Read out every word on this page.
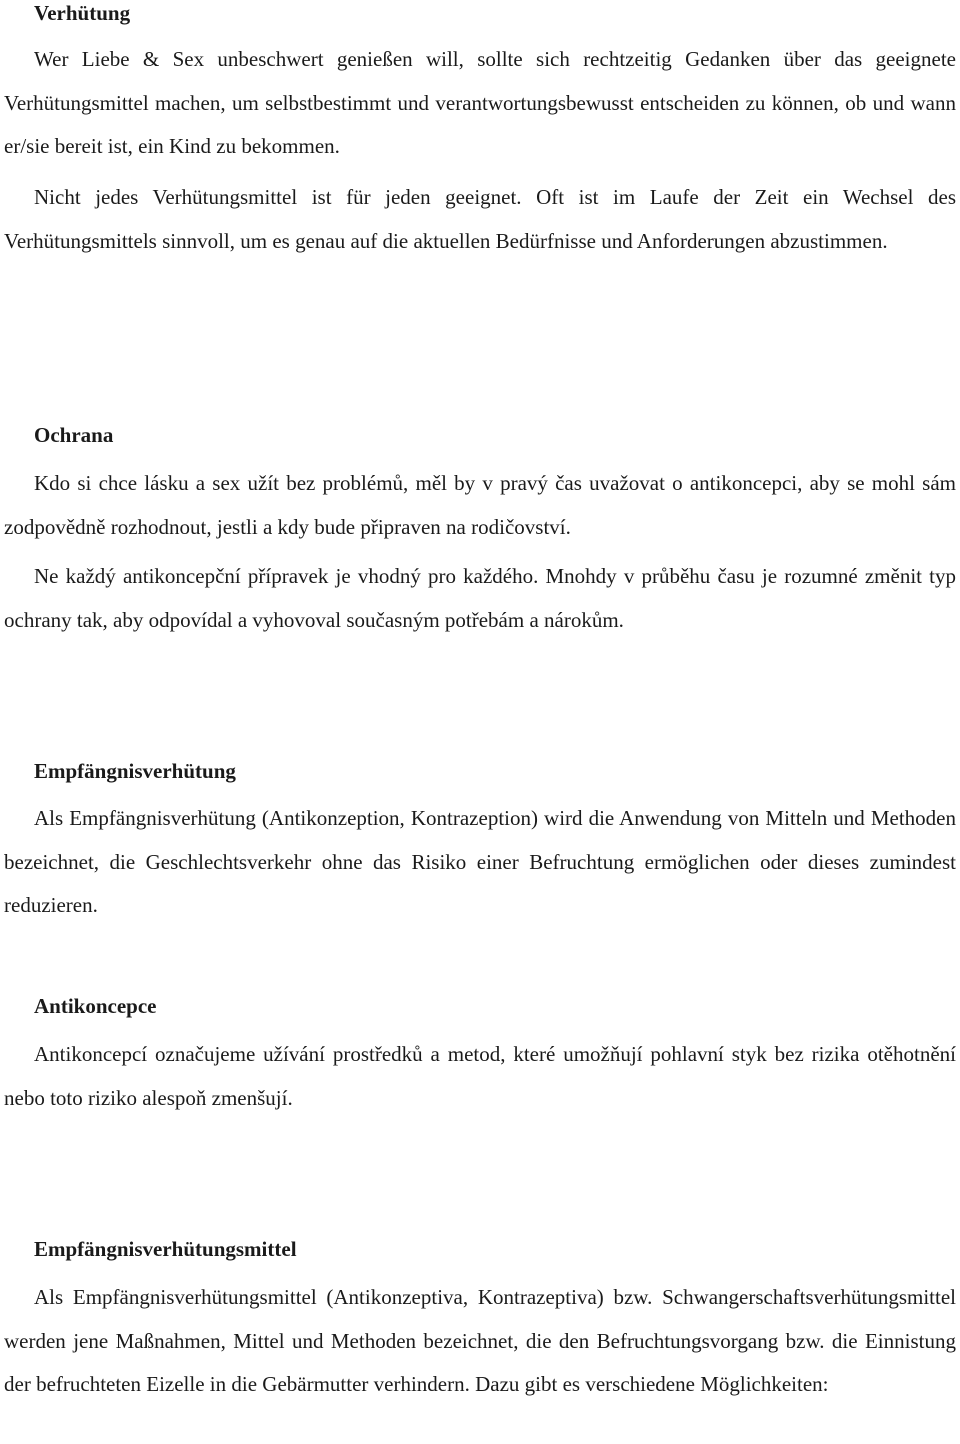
Verhütung

Wer Liebe & Sex unbeschwert genießen will, sollte sich rechtzeitig Gedanken über das geeignete Verhütungsmittel machen, um selbstbestimmt und verantwortungsbewusst entscheiden zu können, ob und wann er/sie bereit ist, ein Kind zu bekommen.

Nicht jedes Verhütungsmittel ist für jeden geeignet. Oft ist im Laufe der Zeit ein Wechsel des Verhütungsmittels sinnvoll, um es genau auf die aktuellen Bedürfnisse und Anforderungen abzustimmen.

Ochrana

Kdo si chce lásku a sex užít bez problémů, měl by v pravý čas uvažovat o antikoncepci, aby se mohl sám zodpovědně rozhodnout, jestli a kdy bude připraven na rodičovství.

Ne každý antikoncepční přípravek je vhodný pro každého. Mnohdy v průběhu času je rozumné změnit typ ochrany tak, aby odpovídal a vyhovoval současným potřebám a nárokům.

Empfängnisverhütung

Als Empfängnisverhütung (Antikonzeption, Kontrazeption) wird die Anwendung von Mitteln und Methoden bezeichnet, die Geschlechtsverkehr ohne das Risiko einer Befruchtung ermöglichen oder dieses zumindest reduzieren.

Antikoncepce

Antikoncepcí označujeme užívání prostředků a metod, které umožňují pohlavní styk bez rizika otěhotnění nebo toto riziko alespoň zmenšují.

Empfängnisverhütungsmittel

Als Empfängnisverhütungsmittel (Antikonzeptiva, Kontrazeptiva) bzw. Schwangerschaftsverhütungsmittel werden jene Maßnahmen, Mittel und Methoden bezeichnet, die den Befruchtungsvorgang bzw. die Einnistung der befruchteten Eizelle in die Gebärmutter verhindern. Dazu gibt es verschiedene Möglichkeiten:
